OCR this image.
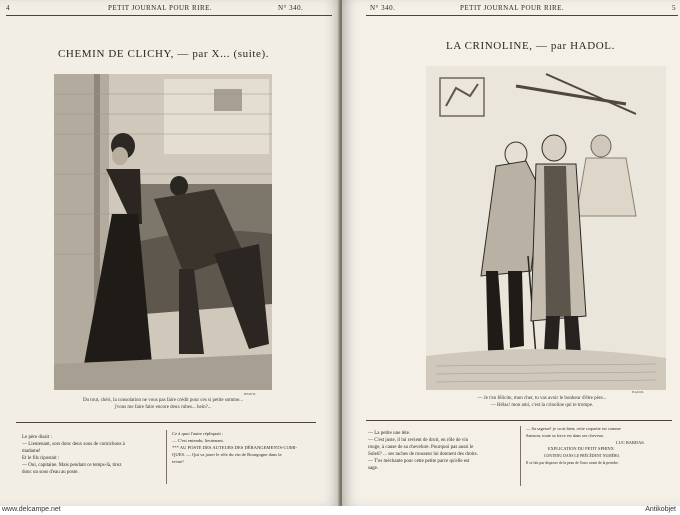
4	PETIT JOURNAL POUR RIRE.	N° 340.
CHEMIN DE CLICHY, — par X... (suite).
BERTIL
Du tout, chéri, la consolation ne vous pas faire crédit pour ces si petite somme...
j'vous me faire faire encore deux rubes... hein?...
Le père disait :
— Lieutenant, sors donc deux sous de cornichons à
madame!
Et le fils ripostait :
— Oui, capitaine. Mais pendant ce temps-là, tirez
donc un sous d'eau au poste.
Ce à quoi l'autre répliquait :
— C'est entendu, lieutenant.
*** AU POSTE DES AUTEURS DES DÉRANGEMENTS-COMI-
QUES. — Qui va jouer le rôle du vin de Bourgogne dans la
revue!
N° 340.	PETIT JOURNAL POUR RIRE.	5
LA CRINOLINE, — par HADOL.
HADOL
— Je t'en félicite, mon cher, tu vas avoir le bonheur d'être père...
— Hélas! mon ami, c'est la crinoline qui te trompe.
— La petite une tête.
— C'est juste, il lui revient de droit, en rôle de vin
rouge, à cause de sa chevelure. Pourquoi pas aussi le
Soleil? ... ses taches de rousseur lui donnent des droits.
— T'es méchante pour cette petite parce qu'elle est
sage.
— Sa sagesse! je crois bien; cette coquette est comme
Samson, toute sa force est dans ses cheveux.
LUC BARDAS.
EXPLICATION DU PETIT SPHINX
CONTENU DANS LE PRÉCÉDENT NUMÉRO.
Il se fait par disposer de la peau de l'ours avant de la prendre.
www.delcampe.net	Antikobjet
